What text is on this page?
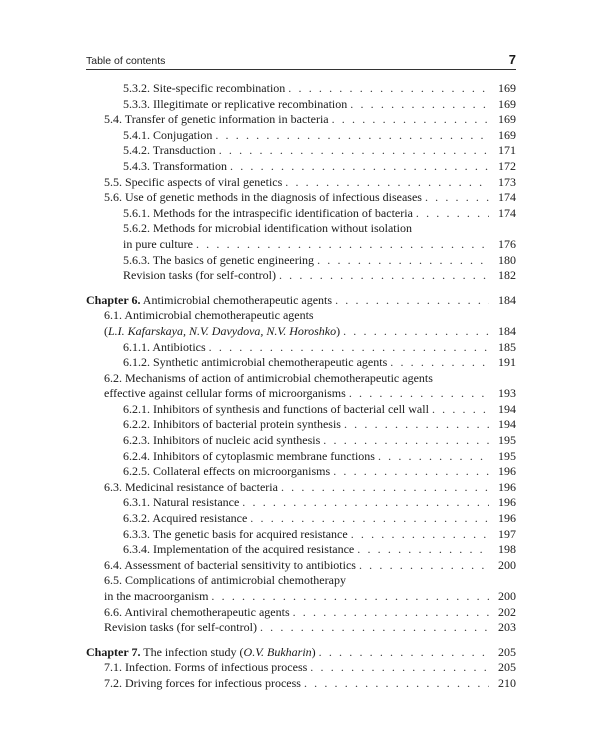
Table of contents	7
5.3.2. Site-specific recombination . . .	169
5.3.3. Illegitimate or replicative recombination . . .	169
5.4. Transfer of genetic information in bacteria . . .	169
5.4.1. Conjugation . . .	169
5.4.2. Transduction . . .	171
5.4.3. Transformation . . .	172
5.5. Specific aspects of viral genetics . . .	173
5.6. Use of genetic methods in the diagnosis of infectious diseases . . .	174
5.6.1. Methods for the intraspecific identification of bacteria . . .	174
5.6.2. Methods for microbial identification without isolation
in pure culture . . .	176
5.6.3. The basics of genetic engineering . . .	180
Revision tasks (for self-control) . . .	182
Chapter 6. Antimicrobial chemotherapeutic agents . . .	184
6.1. Antimicrobial chemotherapeutic agents
(L.I. Kafarskaya, N.V. Davydova, N.V. Horoshko) . . .	184
6.1.1. Antibiotics . . .	185
6.1.2. Synthetic antimicrobial chemotherapeutic agents . . .	191
6.2. Mechanisms of action of antimicrobial chemotherapeutic agents
effective against cellular forms of microorganisms . . .	193
6.2.1. Inhibitors of synthesis and functions of bacterial cell wall . . .	194
6.2.2. Inhibitors of bacterial protein synthesis . . .	194
6.2.3. Inhibitors of nucleic acid synthesis . . .	195
6.2.4. Inhibitors of cytoplasmic membrane functions . . .	195
6.2.5. Collateral effects on microorganisms . . .	196
6.3. Medicinal resistance of bacteria . . .	196
6.3.1. Natural resistance . . .	196
6.3.2. Acquired resistance . . .	196
6.3.3. The genetic basis for acquired resistance . . .	197
6.3.4. Implementation of the acquired resistance . . .	198
6.4. Assessment of bacterial sensitivity to antibiotics . . .	200
6.5. Complications of antimicrobial chemotherapy
in the macroorganism . . .	200
6.6. Antiviral chemotherapeutic agents . . .	202
Revision tasks (for self-control) . . .	203
Chapter 7. The infection study (O.V. Bukharin) . . .	205
7.1. Infection. Forms of infectious process . . .	205
7.2. Driving forces for infectious process . . .	210
